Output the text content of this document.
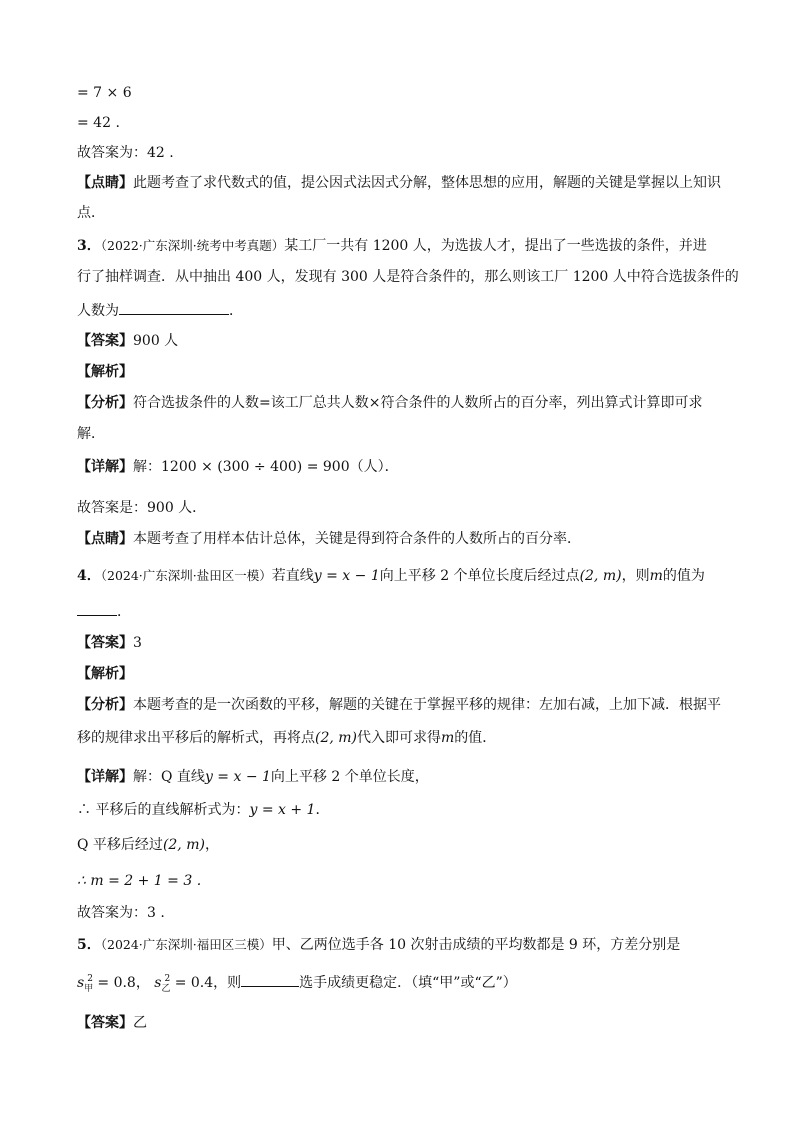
= 7 × 6
= 42 .
故答案为：42 .
【点睛】此题考查了求代数式的值，提公因式法因式分解，整体思想的应用，解题的关键是掌握以上知识
点．
3．（2022·广东深圳·统考中考真题）某工厂一共有 1200 人，为选拔人才，提出了一些选拔的条件，并进
行了抽样调查．从中抽出 400 人，发现有 300 人是符合条件的，那么则该工厂 1200 人中符合选拔条件的
人数为	．
【答案】900 人
【解析】
【分析】符合选拔条件的人数=该工厂总共人数×符合条件的人数所占的百分率，列出算式计算即可求
解．
【详解】解：1200 × (300 ÷ 400) = 900（人）．
故答案是：900 人．
【点睛】本题考查了用样本估计总体，关键是得到符合条件的人数所占的百分率．
4．（2024·广东深圳·盐田区一模）若直线y = x − 1向上平移 2 个单位长度后经过点(2, m)，则m的值为
．
【答案】3
【解析】
【分析】本题考查的是一次函数的平移，解题的关键在于掌握平移的规律：左加右减，上加下减．根据平
移的规律求出平移后的解析式，再将点(2, m)代入即可求得m的值．
【详解】解：Q 直线y = x − 1向上平移 2 个单位长度，
∴ 平移后的直线解析式为：y = x + 1．
Q 平移后经过(2, m)，
∴ m = 2 + 1 = 3 .
故答案为：3 .
5．（2024·广东深圳·福田区三模）甲、乙两位选手各 10 次射击成绩的平均数都是 9 环，方差分别是
$s_甲^2 = 0.8$， $s_乙^2 = 0.4$，则	选手成绩更稳定．（填“甲”或“乙”）
【答案】乙
